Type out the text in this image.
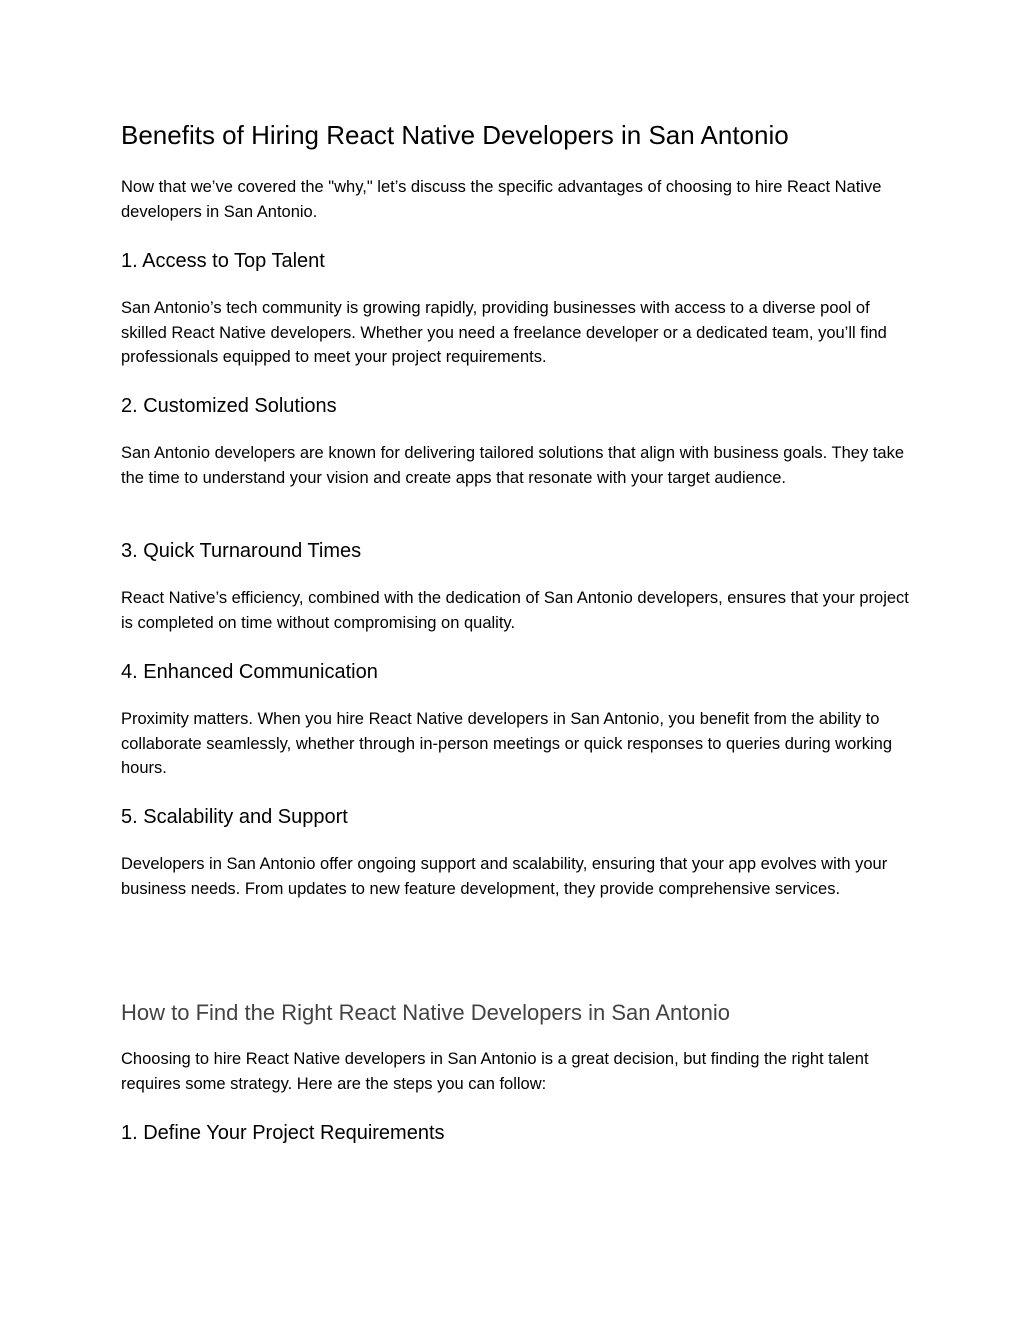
Benefits of Hiring React Native Developers in San Antonio

Now that we’ve covered the "why," let’s discuss the specific advantages of choosing to hire React Native developers in San Antonio.

1. Access to Top Talent

San Antonio’s tech community is growing rapidly, providing businesses with access to a diverse pool of skilled React Native developers. Whether you need a freelance developer or a dedicated team, you’ll find professionals equipped to meet your project requirements.

2. Customized Solutions

San Antonio developers are known for delivering tailored solutions that align with business goals. They take the time to understand your vision and create apps that resonate with your target audience.

3. Quick Turnaround Times

React Native’s efficiency, combined with the dedication of San Antonio developers, ensures that your project is completed on time without compromising on quality.

4. Enhanced Communication

Proximity matters. When you hire React Native developers in San Antonio, you benefit from the ability to collaborate seamlessly, whether through in-person meetings or quick responses to queries during working hours.

5. Scalability and Support

Developers in San Antonio offer ongoing support and scalability, ensuring that your app evolves with your business needs. From updates to new feature development, they provide comprehensive services.

How to Find the Right React Native Developers in San Antonio

Choosing to hire React Native developers in San Antonio is a great decision, but finding the right talent requires some strategy. Here are the steps you can follow:

1. Define Your Project Requirements
